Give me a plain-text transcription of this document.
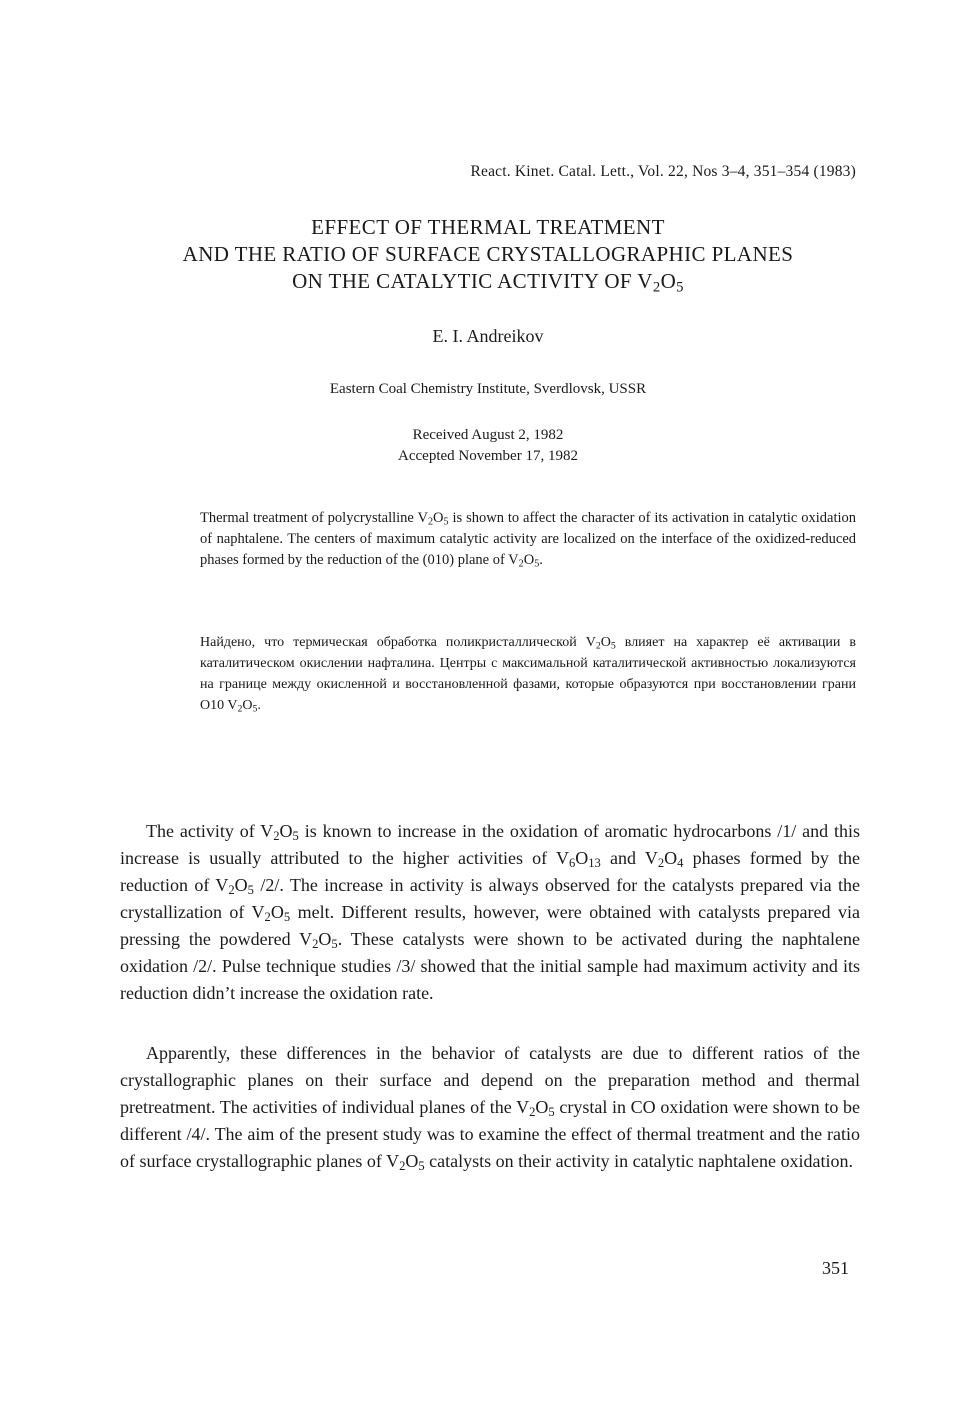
React. Kinet. Catal. Lett., Vol. 22, Nos 3–4, 351–354 (1983)
EFFECT OF THERMAL TREATMENT
AND THE RATIO OF SURFACE CRYSTALLOGRAPHIC PLANES
ON THE CATALYTIC ACTIVITY OF $V_2O_5$
E. I. Andreikov
Eastern Coal Chemistry Institute, Sverdlovsk, USSR
Received August 2, 1982
Accepted November 17, 1982
Thermal treatment of polycrystalline $V_2O_5$ is shown to affect the character of its activation in catalytic oxidation of naphtalene. The centers of maximum catalytic activity are localized on the interface of the oxidized-reduced phases formed by the reduction of the (010) plane of $V_2O_5$.
Найдено, что термическая обработка поликристаллической $V_2O_5$ влияет на характер её активации в каталитическом окислении нафталина. Центры с максимальной каталитической активностью локализуются на границе между окисленной и восстановленной фазами, которые образуются при восстановлении грани O10 $V_2O_5$.
The activity of $V_2O_5$ is known to increase in the oxidation of aromatic hydrocarbons /1/ and this increase is usually attributed to the higher activities of $V_6O_{13}$ and $V_2O_4$ phases formed by the reduction of $V_2O_5$ /2/. The increase in activity is always observed for the catalysts prepared via the crystallization of $V_2O_5$ melt. Different results, however, were obtained with catalysts prepared via pressing the powdered $V_2O_5$. These catalysts were shown to be activated during the naphtalene oxidation /2/. Pulse technique studies /3/ showed that the initial sample had maximum activity and its reduction didn’t increase the oxidation rate.
Apparently, these differences in the behavior of catalysts are due to different ratios of the crystallographic planes on their surface and depend on the preparation method and thermal pretreatment. The activities of individual planes of the $V_2O_5$ crystal in CO oxidation were shown to be different /4/. The aim of the present study was to examine the effect of thermal treatment and the ratio of surface crystallographic planes of $V_2O_5$ catalysts on their activity in catalytic naphtalene oxidation.
351
